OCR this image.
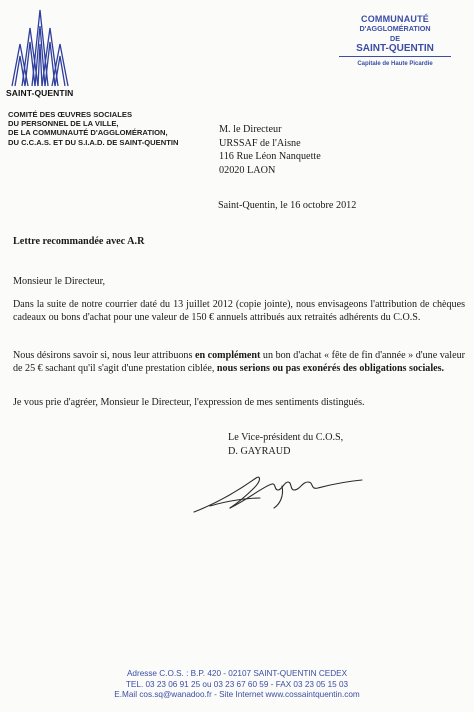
SAINT-QUENTIN
COMITÉ DES ŒUVRES SOCIALES
DU PERSONNEL DE LA VILLE,
DE LA COMMUNAUTÉ D'AGGLOMÉRATION,
DU C.C.A.S. ET DU S.I.A.D. DE SAINT-QUENTIN
COMMUNAUTÉ
D'AGGLOMÉRATION
DE
SAINT-QUENTIN
Capitale de Haute Picardie
M. le Directeur
URSSAF de l'Aisne
116 Rue Léon Nanquette
02020 LAON
Saint-Quentin, le 16 octobre 2012
Lettre recommandée avec A.R
Monsieur le Directeur,
Dans la suite de notre courrier daté du 13 juillet 2012 (copie jointe), nous envisageons l'attribution de chèques cadeaux ou bons d'achat pour une valeur de 150 € annuels attribués aux retraités adhérents du C.O.S.
Nous désirons savoir si, nous leur attribuons en complément un bon d'achat « fête de fin d'année » d'une valeur de 25 € sachant qu'il s'agit d'une prestation ciblée, nous serions ou pas exonérés des obligations sociales.
Je vous prie d'agréer, Monsieur le Directeur, l'expression de mes sentiments distingués.
Le Vice-président du C.O.S,
D. GAYRAUD
Adresse C.O.S. : B.P. 420 - 02107 SAINT-QUENTIN CEDEX
TEL. 03 23 06 91 25 ou 03 23 67 60 59 - FAX 03 23 05 15 03
E.Mail cos.sq@wanadoo.fr - Site Internet www.cossaintquentin.com
